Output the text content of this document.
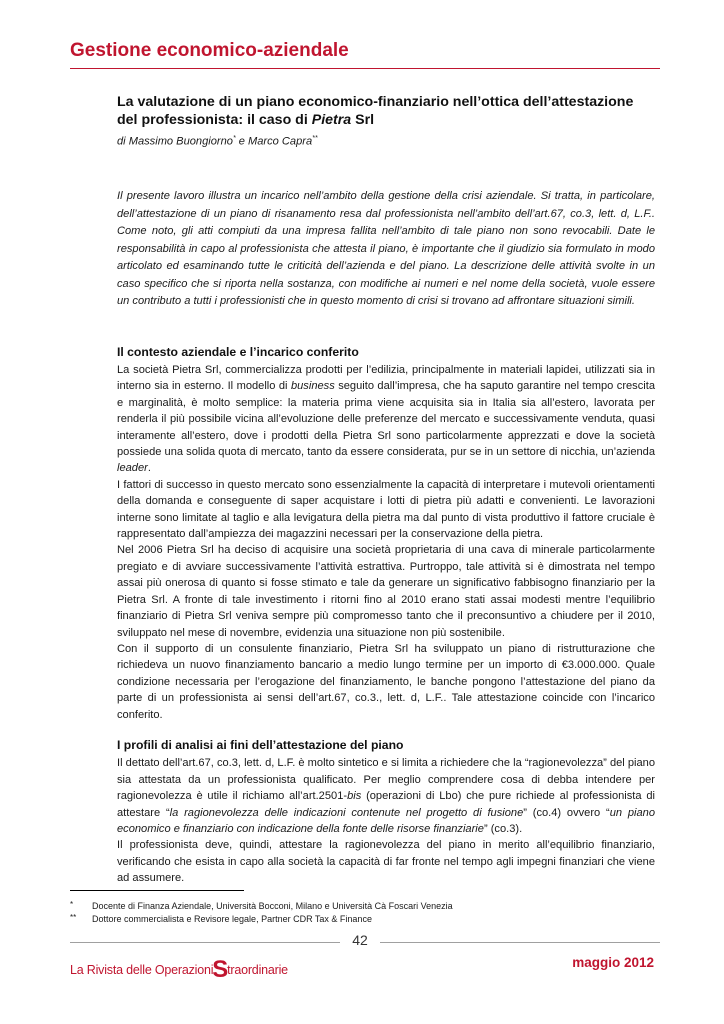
Gestione economico-aziendale
La valutazione di un piano economico-finanziario nell’ottica dell’attestazione del professionista: il caso di Pietra Srl
di Massimo Buongiorno* e Marco Capra**

Il presente lavoro illustra un incarico nell’ambito della gestione della crisi aziendale. Si tratta, in particolare, dell’attestazione di un piano di risanamento resa dal professionista nell’ambito dell’art.67, co.3, lett. d, L.F.. Come noto, gli atti compiuti da una impresa fallita nell’ambito di tale piano non sono revocabili. Date le responsabilità in capo al professionista che attesta il piano, è importante che il giudizio sia formulato in modo articolato ed esaminando tutte le criticità dell’azienda e del piano. La descrizione delle attività svolte in un caso specifico che si riporta nella sostanza, con modifiche ai numeri e nel nome della società, vuole essere un contributo a tutti i professionisti che in questo momento di crisi si trovano ad affrontare situazioni simili.

Il contesto aziendale e l’incarico conferito

La società Pietra Srl, commercializza prodotti per l’edilizia, principalmente in materiali lapidei, utilizzati sia in interno sia in esterno. Il modello di business seguito dall’impresa, che ha saputo garantire nel tempo crescita e marginalità, è molto semplice: la materia prima viene acquisita sia in Italia sia all’estero, lavorata per renderla il più possibile vicina all’evoluzione delle preferenze del mercato e successivamente venduta, quasi interamente all’estero, dove i prodotti della Pietra Srl sono particolarmente apprezzati e dove la società possiede una solida quota di mercato, tanto da essere considerata, pur se in un settore di nicchia, un’azienda leader.

I fattori di successo in questo mercato sono essenzialmente la capacità di interpretare i mutevoli orientamenti della domanda e conseguente di saper acquistare i lotti di pietra più adatti e convenienti. Le lavorazioni interne sono limitate al taglio e alla levigatura della pietra ma dal punto di vista produttivo il fattore cruciale è rappresentato dall’ampiezza dei magazzini necessari per la conservazione della pietra.

Nel 2006 Pietra Srl ha deciso di acquisire una società proprietaria di una cava di minerale particolarmente pregiato e di avviare successivamente l’attività estrattiva. Purtroppo, tale attività si è dimostrata nel tempo assai più onerosa di quanto si fosse stimato e tale da generare un significativo fabbisogno finanziario per la Pietra Srl. A fronte di tale investimento i ritorni fino al 2010 erano stati assai modesti mentre l’equilibrio finanziario di Pietra Srl veniva sempre più compromesso tanto che il preconsuntivo a chiudere per il 2010, sviluppato nel mese di novembre, evidenzia una situazione non più sostenibile.

Con il supporto di un consulente finanziario, Pietra Srl ha sviluppato un piano di ristrutturazione che richiedeva un nuovo finanziamento bancario a medio lungo termine per un importo di €3.000.000. Quale condizione necessaria per l’erogazione del finanziamento, le banche pongono l’attestazione del piano da parte di un professionista ai sensi dell’art.67, co.3., lett. d, L.F.. Tale attestazione coincide con l’incarico conferito.

I profili di analisi ai fini dell’attestazione del piano

Il dettato dell’art.67, co.3, lett. d, L.F. è molto sintetico e si limita a richiedere che la “ragionevolezza” del piano sia attestata da un professionista qualificato. Per meglio comprendere cosa di debba intendere per ragionevolezza è utile il richiamo all’art.2501-bis (operazioni di Lbo) che pure richiede al professionista di attestare “la ragionevolezza delle indicazioni contenute nel progetto di fusione” (co.4) ovvero “un piano economico e finanziario con indicazione della fonte delle risorse finanziarie” (co.3).

Il professionista deve, quindi, attestare la ragionevolezza del piano in merito all’equilibrio finanziario, verificando che esista in capo alla società la capacità di far fronte nel tempo agli impegni finanziari che viene ad assumere.

*	Docente di Finanza Aziendale, Università Bocconi, Milano e Università Cà Foscari Venezia
**	Dottore commercialista e Revisore legale, Partner CDR Tax & Finance
42
La Rivista delle OperazioniStraordinarie	maggio 2012
